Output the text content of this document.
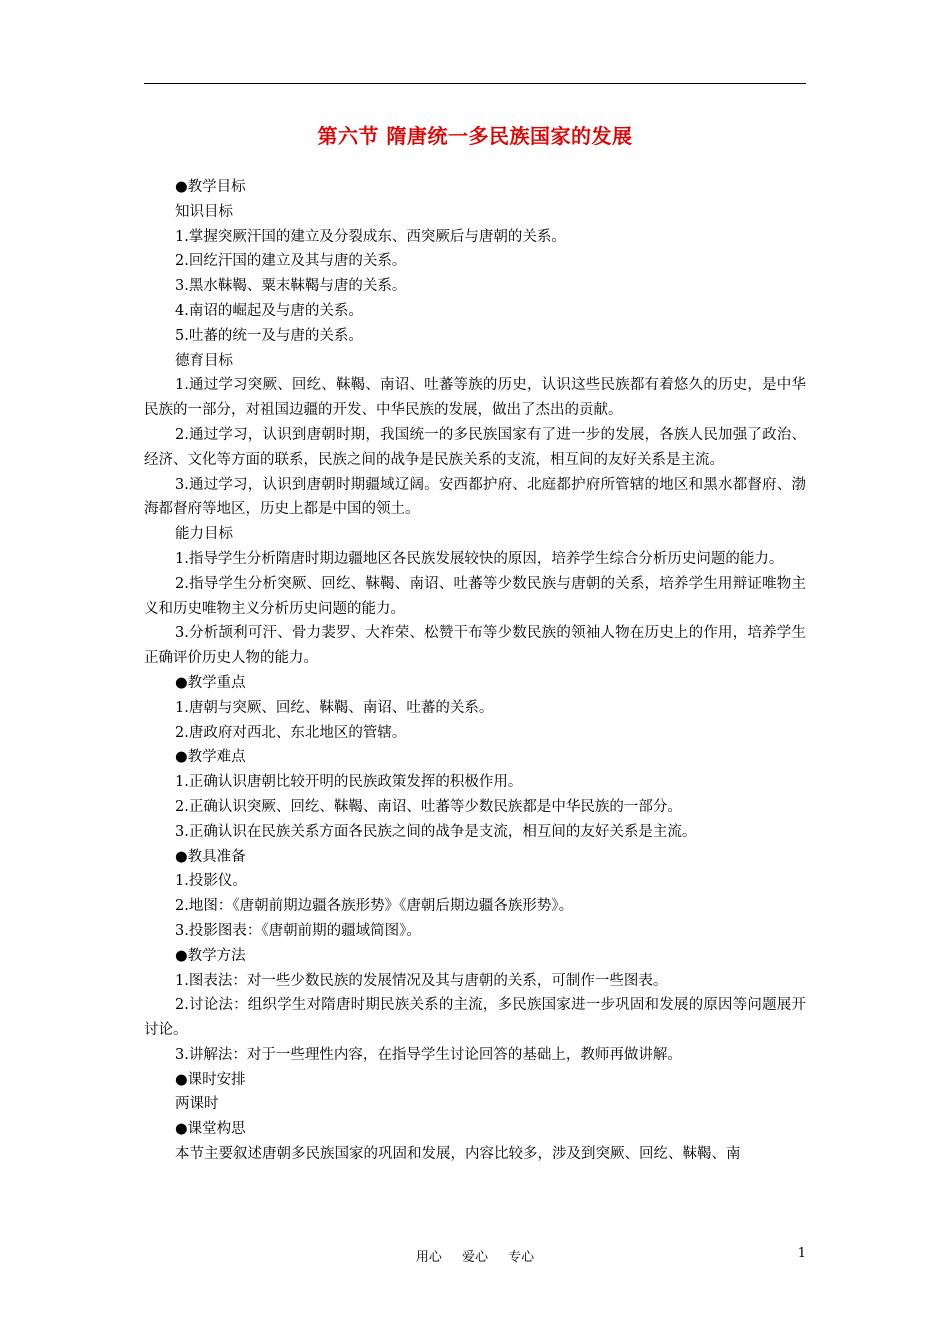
第六节 隋唐统一多民族国家的发展

●教学目标

知识目标

1.掌握突厥汗国的建立及分裂成东、西突厥后与唐朝的关系。

2.回纥汗国的建立及其与唐的关系。

3.黑水靺鞨、粟末靺鞨与唐的关系。

4.南诏的崛起及与唐的关系。

5.吐蕃的统一及与唐的关系。

德育目标

1.通过学习突厥、回纥、靺鞨、南诏、吐蕃等族的历史，认识这些民族都有着悠久的历史，是中华民族的一部分，对祖国边疆的开发、中华民族的发展，做出了杰出的贡献。

2.通过学习，认识到唐朝时期，我国统一的多民族国家有了进一步的发展，各族人民加强了政治、经济、文化等方面的联系，民族之间的战争是民族关系的支流，相互间的友好关系是主流。

3.通过学习，认识到唐朝时期疆域辽阔。安西都护府、北庭都护府所管辖的地区和黑水都督府、渤海都督府等地区，历史上都是中国的领土。

能力目标

1.指导学生分析隋唐时期边疆地区各民族发展较快的原因，培养学生综合分析历史问题的能力。

2.指导学生分析突厥、回纥、靺鞨、南诏、吐蕃等少数民族与唐朝的关系，培养学生用辩证唯物主义和历史唯物主义分析历史问题的能力。

3.分析颉利可汗、骨力裴罗、大祚荣、松赞干布等少数民族的领袖人物在历史上的作用，培养学生正确评价历史人物的能力。

●教学重点

1.唐朝与突厥、回纥、靺鞨、南诏、吐蕃的关系。

2.唐政府对西北、东北地区的管辖。

●教学难点

1.正确认识唐朝比较开明的民族政策发挥的积极作用。

2.正确认识突厥、回纥、靺鞨、南诏、吐蕃等少数民族都是中华民族的一部分。

3.正确认识在民族关系方面各民族之间的战争是支流，相互间的友好关系是主流。

●教具准备

1.投影仪。

2.地图：《唐朝前期边疆各族形势》《唐朝后期边疆各族形势》。

3.投影图表：《唐朝前期的疆域简图》。

●教学方法

1.图表法：对一些少数民族的发展情况及其与唐朝的关系，可制作一些图表。

2.讨论法：组织学生对隋唐时期民族关系的主流，多民族国家进一步巩固和发展的原因等问题展开讨论。

3.讲解法：对于一些理性内容，在指导学生讨论回答的基础上，教师再做讲解。

●课时安排

两课时

●课堂构思

本节主要叙述唐朝多民族国家的巩固和发展，内容比较多，涉及到突厥、回纥、靺鞨、南

用心 爱心 专心	1
